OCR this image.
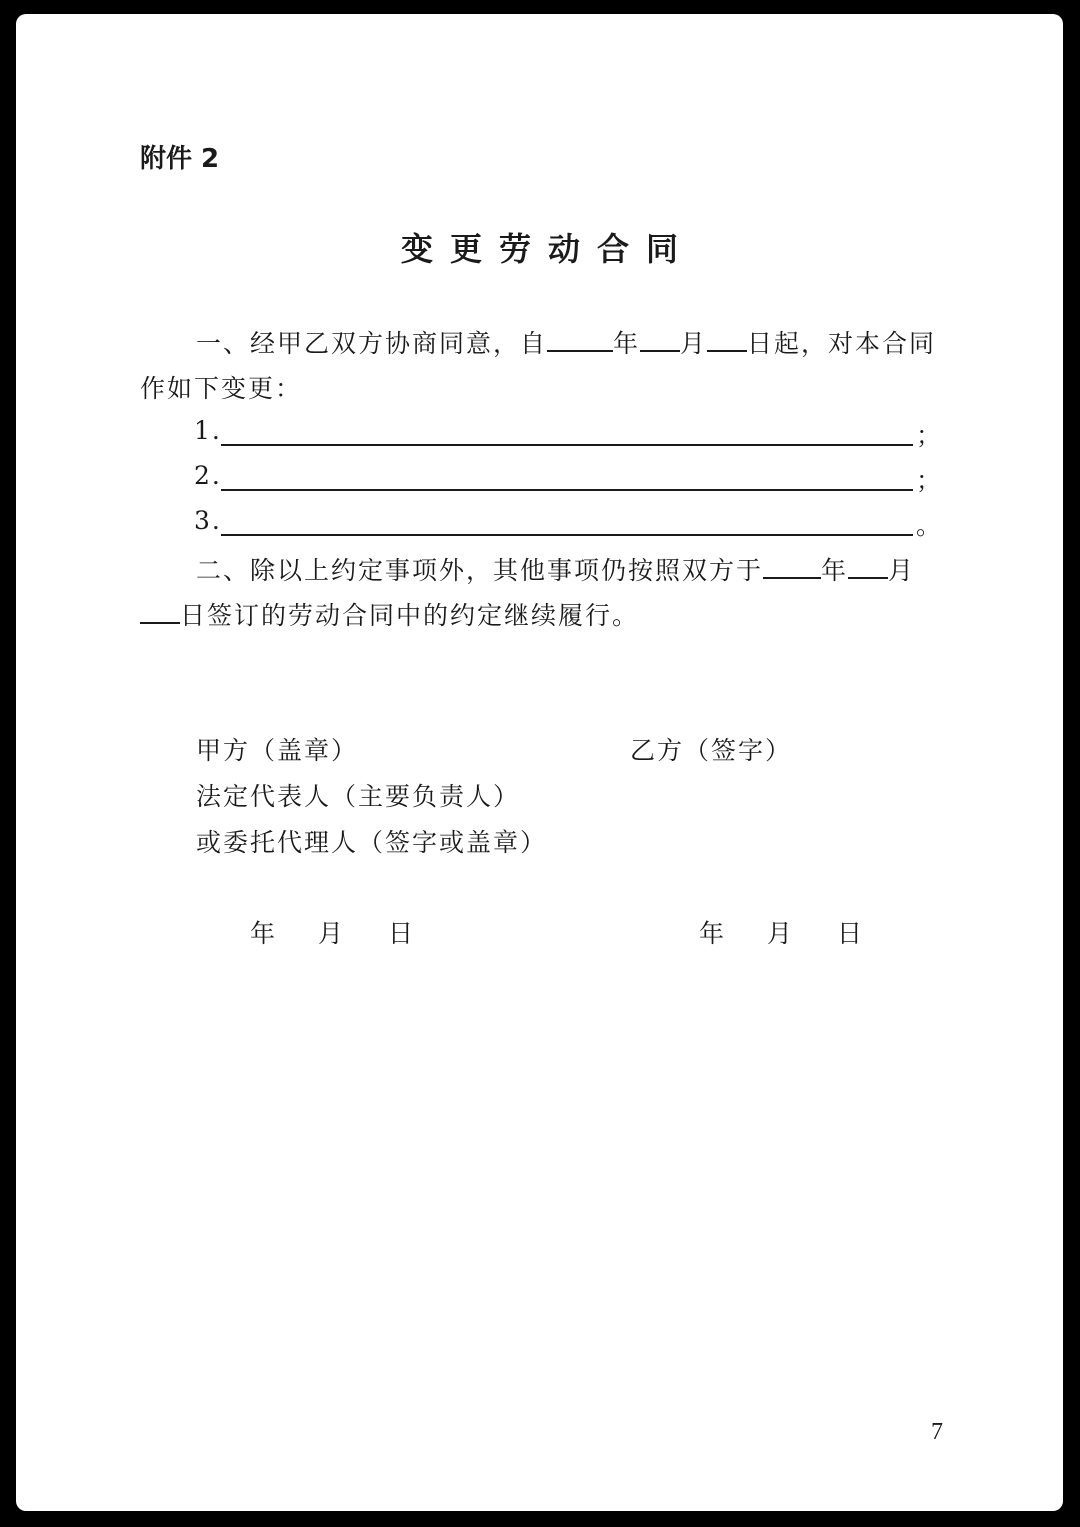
附件 2
变更劳动合同
一、经甲乙双方协商同意，自	年 月 日起，对本合同
作如下变更：
1.	；
2.	；
3.	。
二、除以上约定事项外，其他事项仍按照双方于 年 月
日签订的劳动合同中的约定继续履行。
甲方（盖章）	乙方（签字）
法定代表人（主要负责人）
或委托代理人（签字或盖章）
年 月 日	年 月 日
7
